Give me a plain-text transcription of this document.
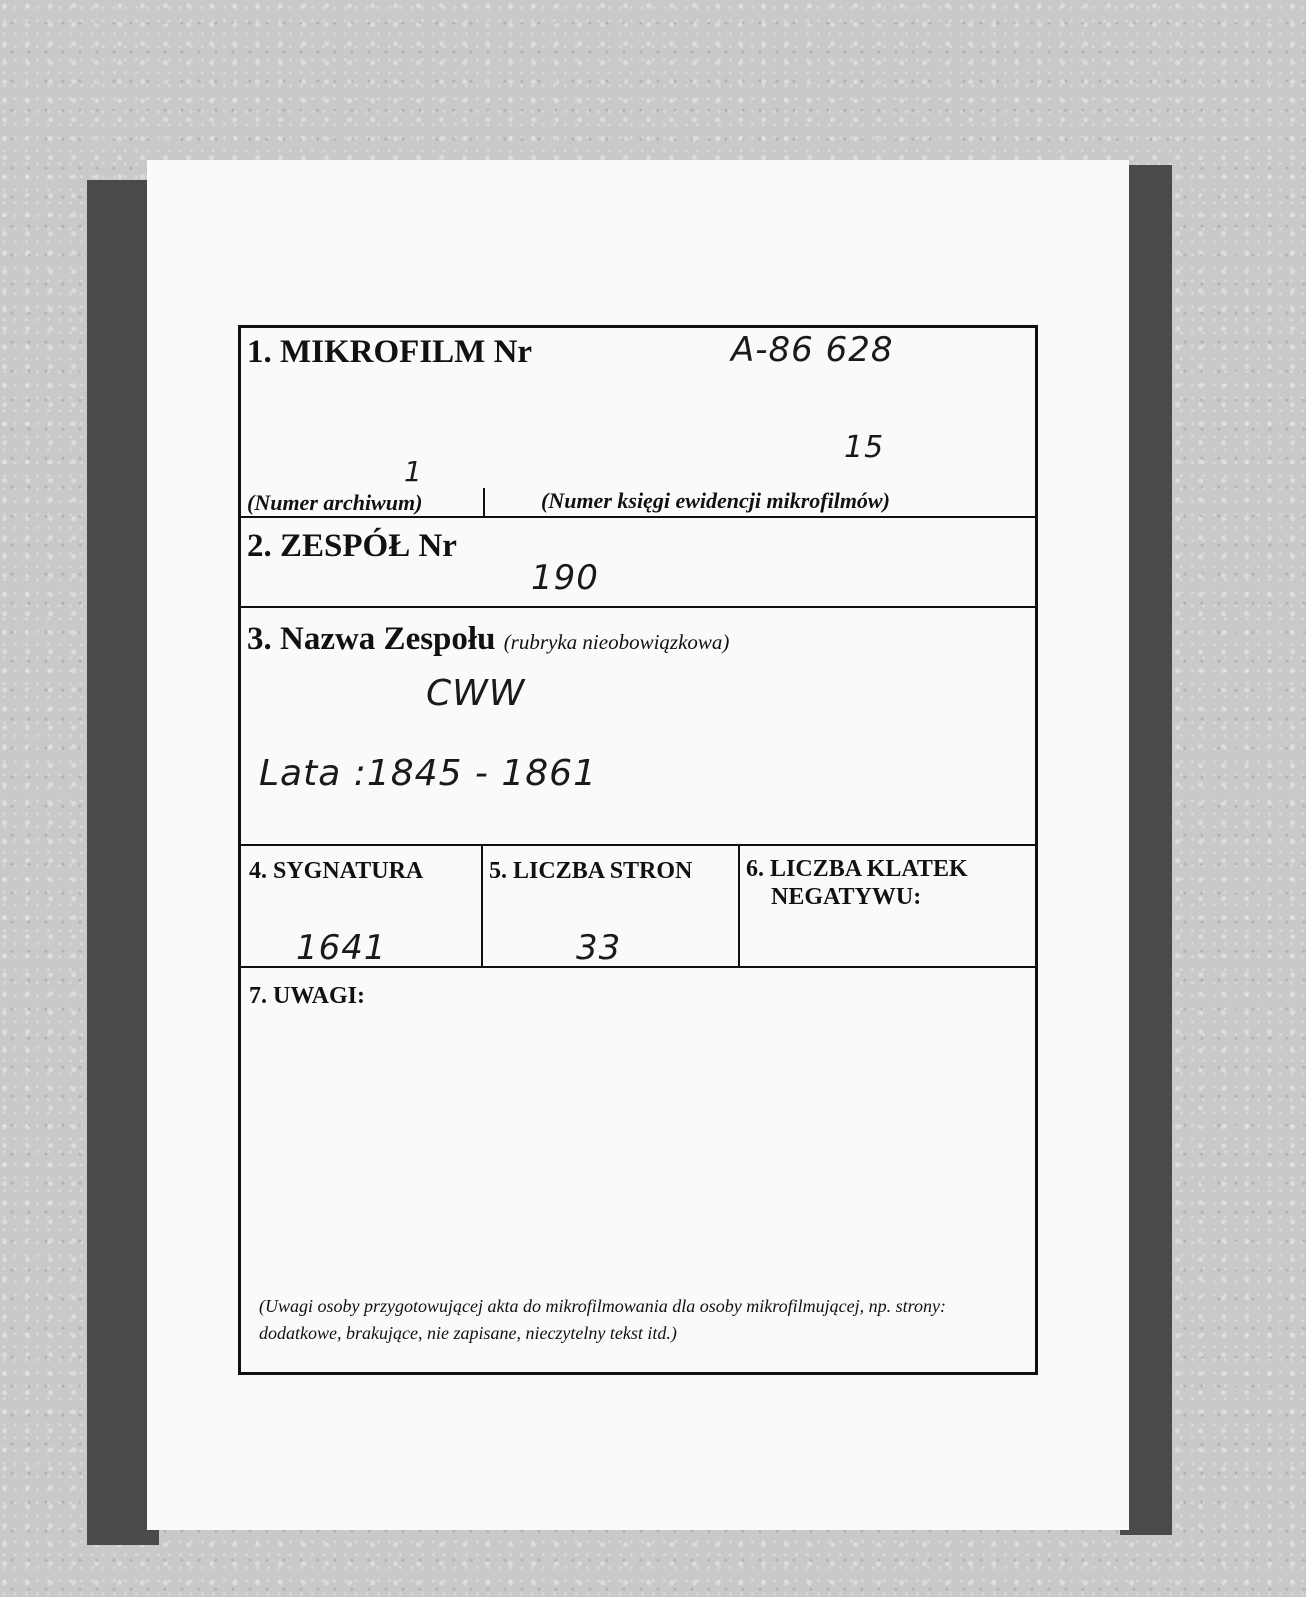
1. MIKROFILM Nr	A-86 628
15
1
(Numer archiwum)	(Numer księgi ewidencji mikrofilmów)
2. ZESPÓŁ Nr
190
3. Nazwa Zespołu (rubryka nieobowiązkowa)
CWW
Lata :1845 - 1861
4. SYGNATURA
1641
5. LICZBA STRON
33
6. LICZBA KLATEK
NEGATYWU:
7. UWAGI:
(Uwagi osoby przygotowującej akta do mikrofilmowania dla osoby mikrofilmującej, np. strony: dodatkowe, brakujące, nie zapisane, nieczytelny tekst itd.)
